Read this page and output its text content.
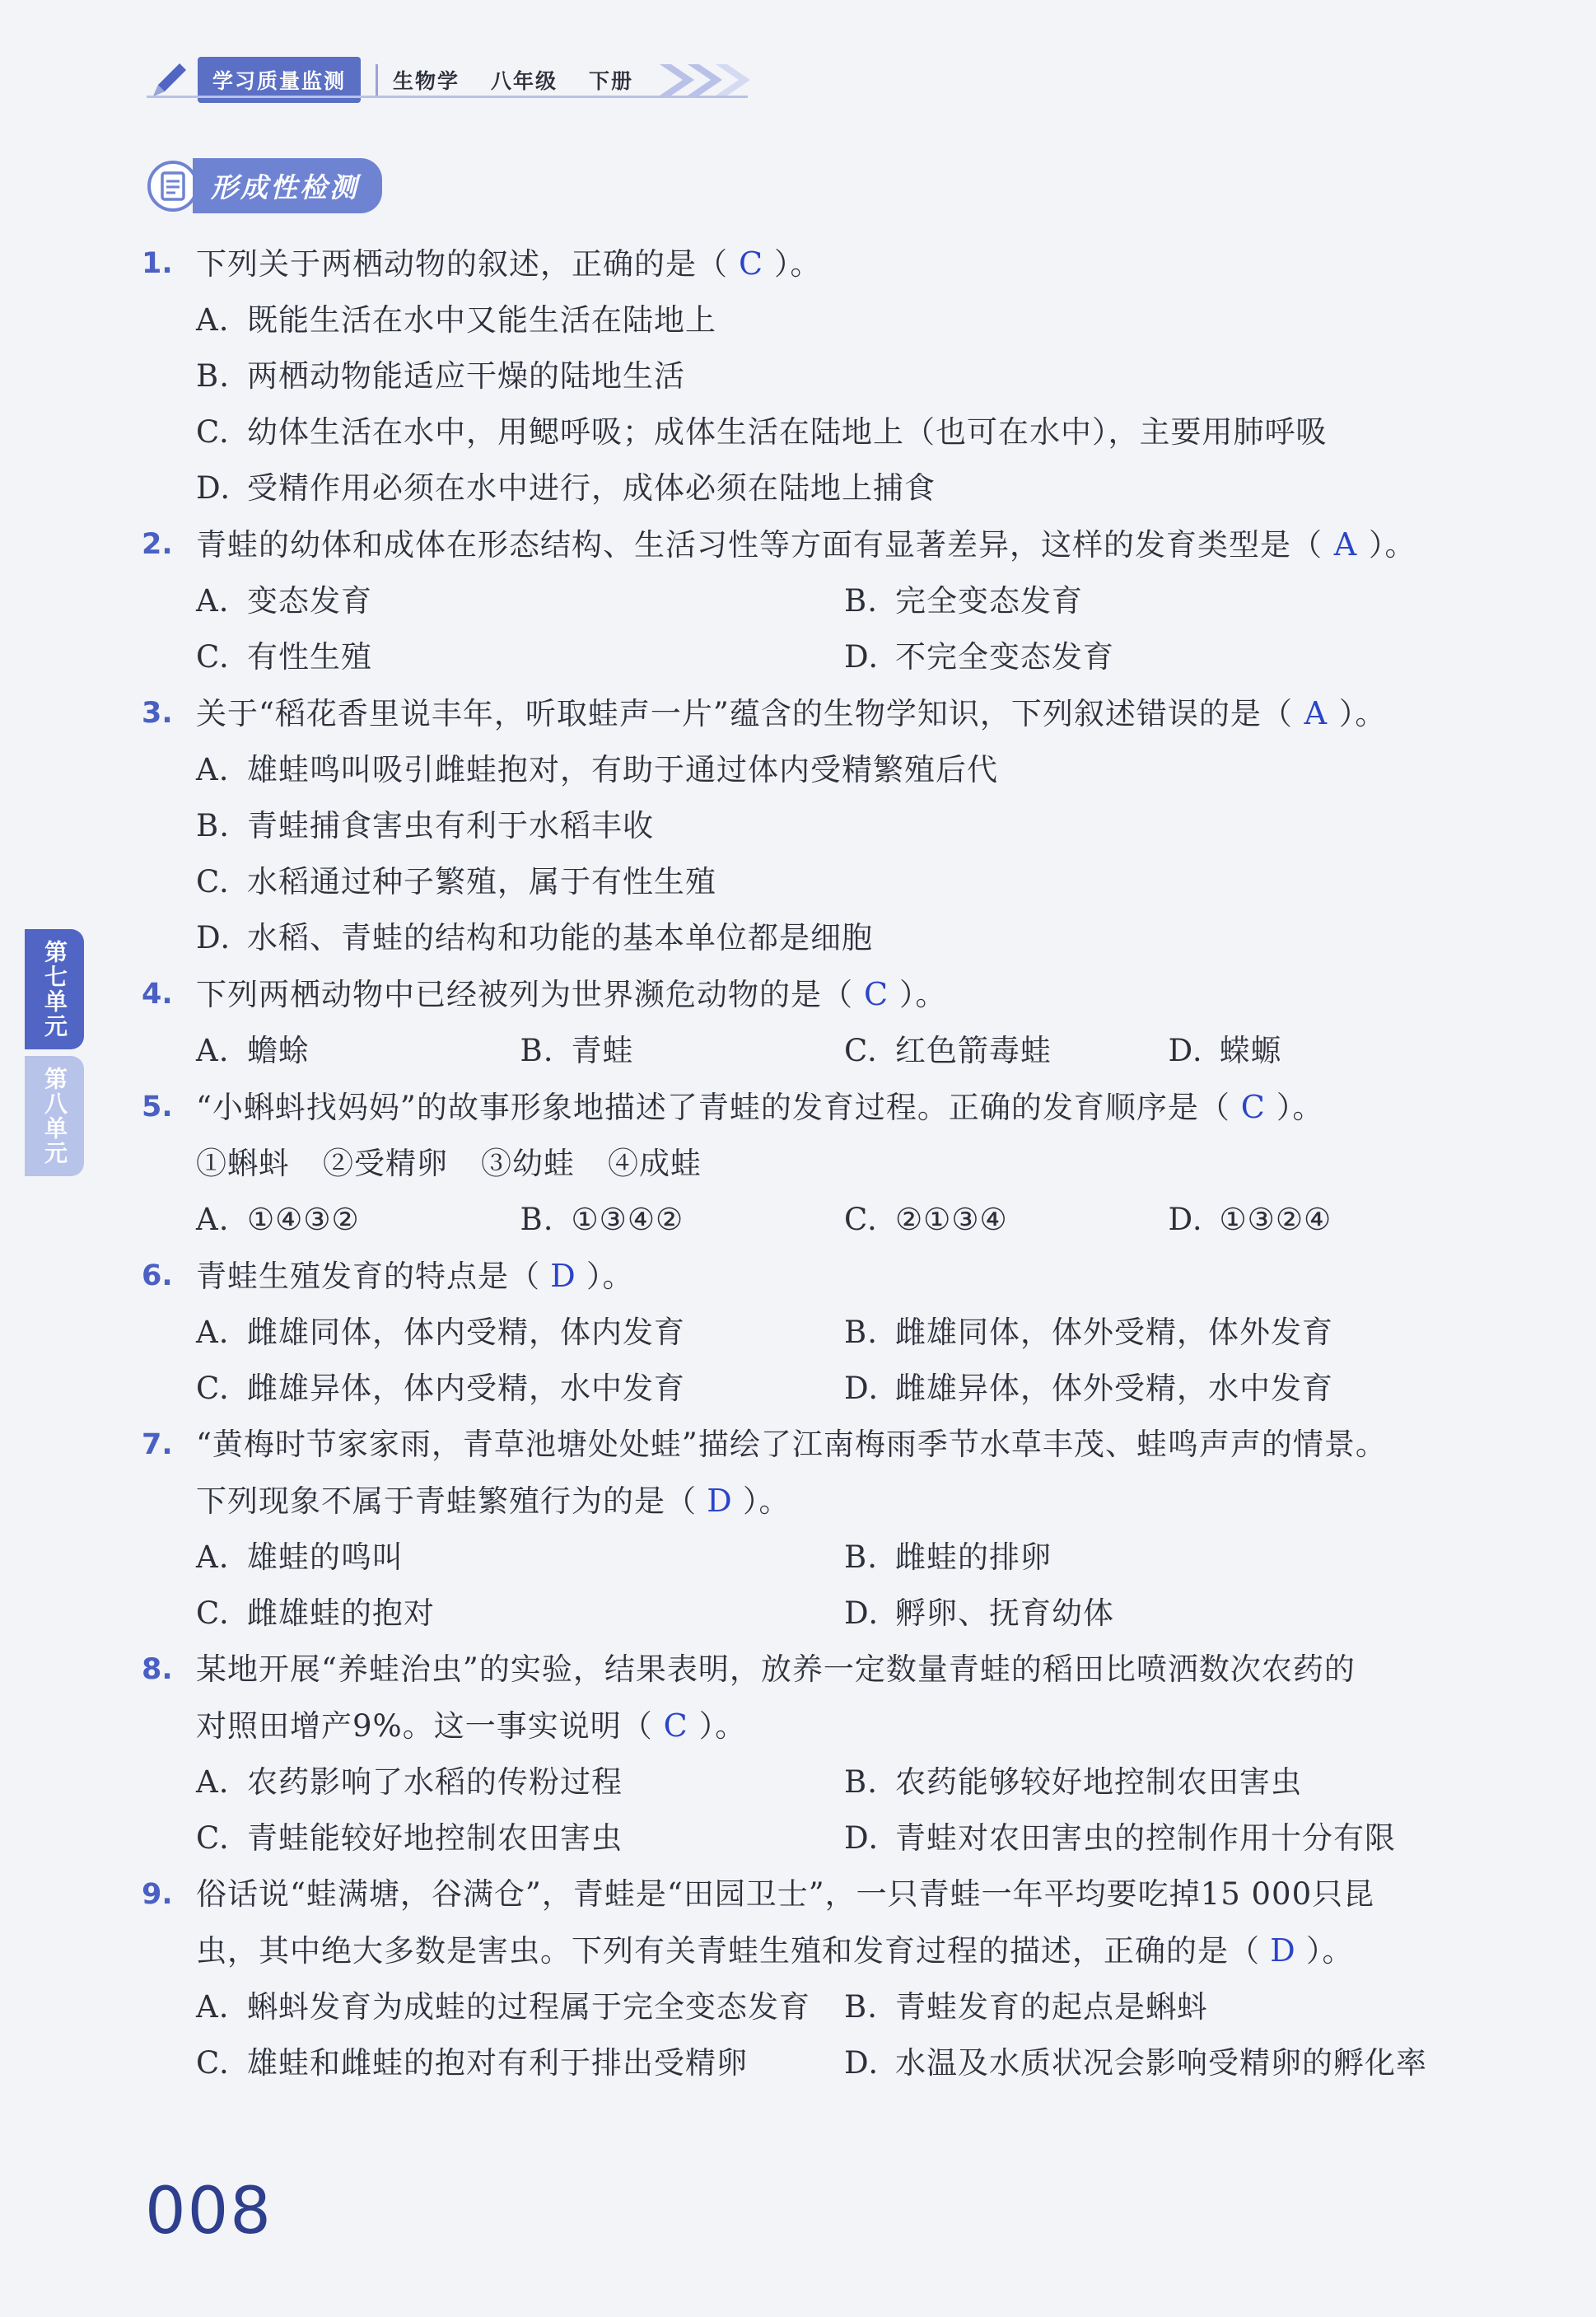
学习质量监测	生物学 八年级 下册
形成性检测
第七单元
第八单元
1. 下列关于两栖动物的叙述，正确的是（ C ）。
A. 既能生活在水中又能生活在陆地上
B. 两栖动物能适应干燥的陆地生活
C. 幼体生活在水中，用鳃呼吸；成体生活在陆地上（也可在水中），主要用肺呼吸
D. 受精作用必须在水中进行，成体必须在陆地上捕食
2. 青蛙的幼体和成体在形态结构、生活习性等方面有显著差异，这样的发育类型是（ A ）。
A. 变态发育	B. 完全变态发育
C. 有性生殖	D. 不完全变态发育
3. 关于“稻花香里说丰年，听取蛙声一片”蕴含的生物学知识，下列叙述错误的是（ A ）。
A. 雄蛙鸣叫吸引雌蛙抱对，有助于通过体内受精繁殖后代
B. 青蛙捕食害虫有利于水稻丰收
C. 水稻通过种子繁殖，属于有性生殖
D. 水稻、青蛙的结构和功能的基本单位都是细胞
4. 下列两栖动物中已经被列为世界濒危动物的是（ C ）。
A. 蟾蜍	B. 青蛙	C. 红色箭毒蛙	D. 蝾螈
5. “小蝌蚪找妈妈”的故事形象地描述了青蛙的发育过程。正确的发育顺序是（ C ）。
①蝌蚪 ②受精卵 ③幼蛙 ④成蛙
A. ①④③②	B. ①③④②	C. ②①③④	D. ①③②④
6. 青蛙生殖发育的特点是（ D ）。
A. 雌雄同体，体内受精，体内发育	B. 雌雄同体，体外受精，体外发育
C. 雌雄异体，体内受精，水中发育	D. 雌雄异体，体外受精，水中发育
7. “黄梅时节家家雨，青草池塘处处蛙”描绘了江南梅雨季节水草丰茂、蛙鸣声声的情景。
下列现象不属于青蛙繁殖行为的是（ D ）。
A. 雄蛙的鸣叫	B. 雌蛙的排卵
C. 雌雄蛙的抱对	D. 孵卵、抚育幼体
8. 某地开展“养蛙治虫”的实验，结果表明，放养一定数量青蛙的稻田比喷洒数次农药的
对照田增产9%。这一事实说明（ C ）。
A. 农药影响了水稻的传粉过程	B. 农药能够较好地控制农田害虫
C. 青蛙能较好地控制农田害虫	D. 青蛙对农田害虫的控制作用十分有限
9. 俗话说“蛙满塘，谷满仓”，青蛙是“田园卫士”，一只青蛙一年平均要吃掉15 000只昆
虫，其中绝大多数是害虫。下列有关青蛙生殖和发育过程的描述，正确的是（ D ）。
A. 蝌蚪发育为成蛙的过程属于完全变态发育	B. 青蛙发育的起点是蝌蚪
C. 雄蛙和雌蛙的抱对有利于排出受精卵	D. 水温及水质状况会影响受精卵的孵化率
008
